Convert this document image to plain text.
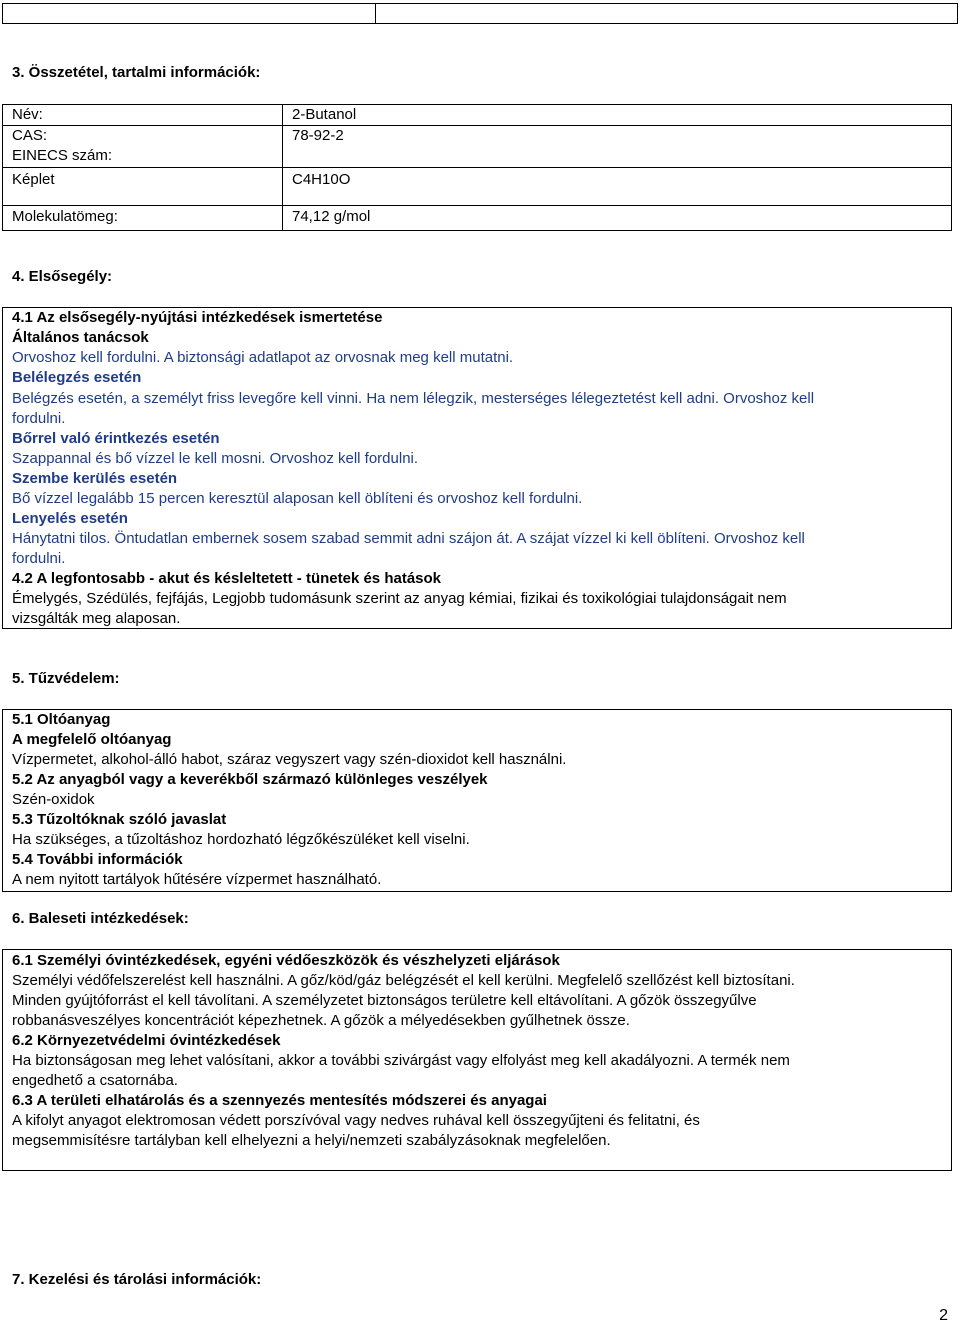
3. Összetétel, tartalmi információk:
Név:	2-Butanol
CAS:	78-92-2
EINECS szám:
Képlet	C4H10O
Molekulatömeg:	74,12 g/mol
4. Elsősegély:
4.1 Az elsősegély-nyújtási intézkedések ismertetése
Általános tanácsok
Orvoshoz kell fordulni. A biztonsági adatlapot az orvosnak meg kell mutatni.
Belélegzés esetén
Belégzés esetén, a személyt friss levegőre kell vinni. Ha nem lélegzik, mesterséges lélegeztetést kell adni. Orvoshoz kell
fordulni.
Bőrrel való érintkezés esetén
Szappannal és bő vízzel le kell mosni. Orvoshoz kell fordulni.
Szembe kerülés esetén
Bő vízzel legalább 15 percen keresztül alaposan kell öblíteni és orvoshoz kell fordulni.
Lenyelés esetén
Hánytatni tilos. Öntudatlan embernek sosem szabad semmit adni szájon át. A szájat vízzel ki kell öblíteni. Orvoshoz kell
fordulni.
4.2 A legfontosabb - akut és késleltetett - tünetek és hatások
Émelygés, Szédülés, fejfájás, Legjobb tudomásunk szerint az anyag kémiai, fizikai és toxikológiai tulajdonságait nem
vizsgálták meg alaposan.
5. Tűzvédelem:
5.1 Oltóanyag
A megfelelő oltóanyag
Vízpermetet, alkohol-álló habot, száraz vegyszert vagy szén-dioxidot kell használni.
5.2 Az anyagból vagy a keverékből származó különleges veszélyek
Szén-oxidok
5.3 Tűzoltóknak szóló javaslat
Ha szükséges, a tűzoltáshoz hordozható légzőkészüléket kell viselni.
5.4 További információk
A nem nyitott tartályok hűtésére vízpermet használható.
6. Baleseti intézkedések:
6.1 Személyi óvintézkedések, egyéni védőeszközök és vészhelyzeti eljárások
Személyi védőfelszerelést kell használni. A gőz/köd/gáz belégzését el kell kerülni. Megfelelő szellőzést kell biztosítani.
Minden gyújtóforrást el kell távolítani. A személyzetet biztonságos területre kell eltávolítani. A gőzök összegyűlve
robbanásveszélyes koncentrációt képezhetnek. A gőzök a mélyedésekben gyűlhetnek össze.
6.2 Környezetvédelmi óvintézkedések
Ha biztonságosan meg lehet valósítani, akkor a további szivárgást vagy elfolyást meg kell akadályozni. A termék nem
engedhető a csatornába.
6.3 A területi elhatárolás és a szennyezés mentesítés módszerei és anyagai
A kifolyt anyagot elektromosan védett porszívóval vagy nedves ruhával kell összegyűjteni és felitatni, és
megsemmisítésre tartályban kell elhelyezni a helyi/nemzeti szabályzásoknak megfelelően.
7. Kezelési és tárolási információk:
2
